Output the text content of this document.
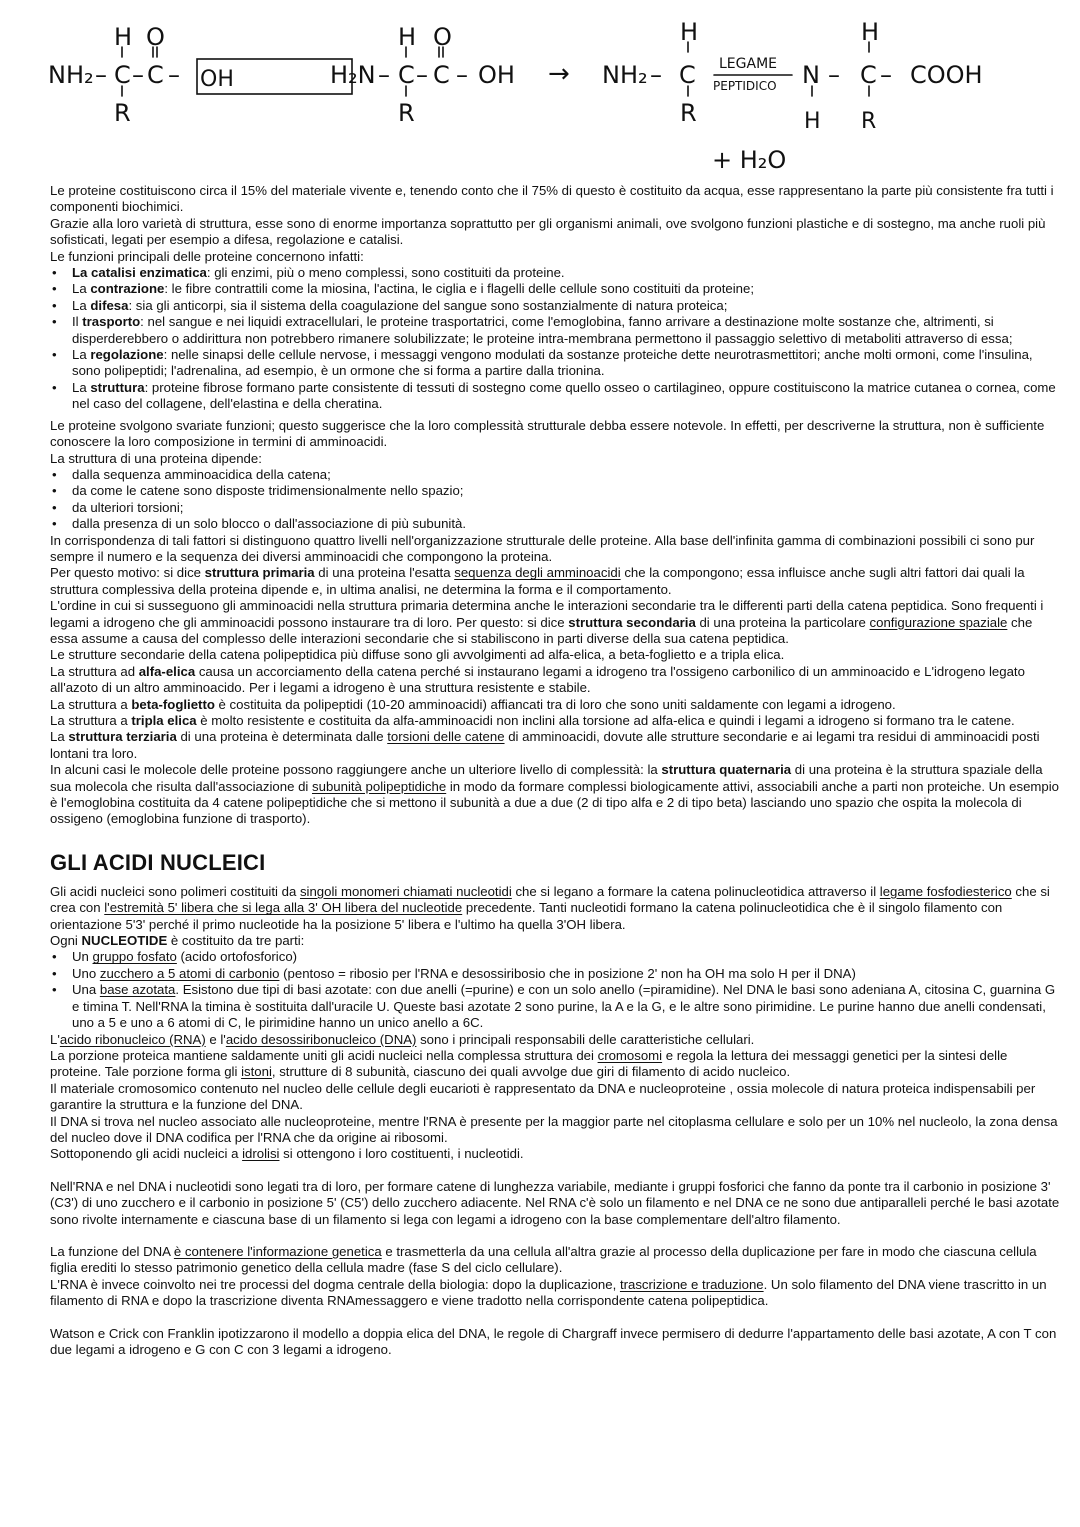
H O
NH₂ – C – C – OH
R
H O
H₂N – C – C – OH
R
→
H
NH₂ – C
R
LEGAME
PEPTIDICO N
H
–
H
C – COOH
R
+ H₂O

Le proteine costituiscono circa il 15% del materiale vivente e, tenendo conto che il 75% di questo è costituito da acqua, esse rappresentano la parte più consistente fra tutti i componenti biochimici.

Grazie alla loro varietà di struttura, esse sono di enorme importanza soprattutto per gli organismi animali, ove svolgono funzioni plastiche e di sostegno, ma anche ruoli più sofisticati, legati per esempio a difesa, regolazione e catalisi.

Le funzioni principali delle proteine concernono infatti:

• La catalisi enzimatica: gli enzimi, più o meno complessi, sono costituiti da proteine.
• La contrazione: le fibre contrattili come la miosina, l'actina, le ciglia e i flagelli delle cellule sono costituiti da proteine;
• La difesa: sia gli anticorpi, sia il sistema della coagulazione del sangue sono sostanzialmente di natura proteica;
• Il trasporto: nel sangue e nei liquidi extracellulari, le proteine trasportatrici, come l'emoglobina, fanno arrivare a destinazione molte sostanze che, altrimenti, si disperderebbero o addirittura non potrebbero rimanere solubilizzate; le proteine intra-membrana permettono il passaggio selettivo di metaboliti attraverso di essa;
• La regolazione: nelle sinapsi delle cellule nervose, i messaggi vengono modulati da sostanze proteiche dette neurotrasmettitori; anche molti ormoni, come l'insulina, sono polipeptidi; l'adrenalina, ad esempio, è un ormone che si forma a partire dalla trionina.
• La struttura: proteine fibrose formano parte consistente di tessuti di sostegno come quello osseo o cartilagineo, oppure costituiscono la matrice cutanea o cornea, come nel caso del collagene, dell'elastina e della cheratina.

Le proteine svolgono svariate funzioni; questo suggerisce che la loro complessità strutturale debba essere notevole. In effetti, per descriverne la struttura, non è sufficiente conoscere la loro composizione in termini di amminoacidi.

La struttura di una proteina dipende:

• dalla sequenza amminoacidica della catena;
• da come le catene sono disposte tridimensionalmente nello spazio;
• da ulteriori torsioni;
• dalla presenza di un solo blocco o dall'associazione di più subunità.

In corrispondenza di tali fattori si distinguono quattro livelli nell'organizzazione strutturale delle proteine. Alla base dell'infinita gamma di combinazioni possibili ci sono pur sempre il numero e la sequenza dei diversi amminoacidi che compongono la proteina.

Per questo motivo: si dice struttura primaria di una proteina l'esatta sequenza degli amminoacidi che la compongono; essa influisce anche sugli altri fattori dai quali la struttura complessiva della proteina dipende e, in ultima analisi, ne determina la forma e il comportamento.

L'ordine in cui si susseguono gli amminoacidi nella struttura primaria determina anche le interazioni secondarie tra le differenti parti della catena peptidica. Sono frequenti i legami a idrogeno che gli amminoacidi possono instaurare tra di loro. Per questo: si dice struttura secondaria di una proteina la particolare configurazione spaziale che essa assume a causa del complesso delle interazioni secondarie che si stabiliscono in parti diverse della sua catena peptidica.

Le strutture secondarie della catena polipeptidica più diffuse sono gli avvolgimenti ad alfa-elica, a beta-foglietto e a tripla elica.

La struttura ad alfa-elica causa un accorciamento della catena perché si instaurano legami a idrogeno tra l'ossigeno carbonilico di un amminoacido e L'idrogeno legato all'azoto di un altro amminoacido. Per i legami a idrogeno è una struttura resistente e stabile.

La struttura a beta-foglietto è costituita da polipeptidi (10-20 amminoacidi) affiancati tra di loro che sono uniti saldamente con legami a idrogeno.

La struttura a tripla elica è molto resistente e costituita da alfa-amminoacidi non inclini alla torsione ad alfa-elica e quindi i legami a idrogeno si formano tra le catene.

La struttura terziaria di una proteina è determinata dalle torsioni delle catene di amminoacidi, dovute alle strutture secondarie e ai legami tra residui di amminoacidi posti lontani tra loro.

In alcuni casi le molecole delle proteine possono raggiungere anche un ulteriore livello di complessità: la struttura quaternaria di una proteina è la struttura spaziale della sua molecola che risulta dall'associazione di subunità polipeptidiche in modo da formare complessi biologicamente attivi, associabili anche a parti non proteiche. Un esempio è l'emoglobina costituita da 4 catene polipeptidiche che si mettono il subunità a due a due (2 di tipo alfa e 2 di tipo beta) lasciando uno spazio che ospita la molecola di ossigeno (emoglobina funzione di trasporto).

GLI ACIDI NUCLEICI

Gli acidi nucleici sono polimeri costituiti da singoli monomeri chiamati nucleotidi che si legano a formare la catena polinucleotidica attraverso il legame fosfodiesterico che si crea con l'estremità 5' libera che si lega alla 3' OH libera del nucleotide precedente. Tanti nucleotidi formano la catena polinucleotidica che è il singolo filamento con orientazione 5'3' perché il primo nucleotide ha la posizione 5' libera e l'ultimo ha quella 3'OH libera.

Ogni NUCLEOTIDE è costituito da tre parti:

• Un gruppo fosfato (acido ortofosforico)
• Uno zucchero a 5 atomi di carbonio (pentoso = ribosio per l'RNA e desossiribosio che in posizione 2' non ha OH ma solo H per il DNA)
• Una base azotata. Esistono due tipi di basi azotate: con due anelli (=purine) e con un solo anello (=piramidine). Nel DNA le basi sono adeniana A, citosina C, guarnina G e timina T. Nell'RNA la timina è sostituita dall'uracile U. Queste basi azotate 2 sono purine, la A e la G, e le altre sono pirimidine. Le purine hanno due anelli condensati, uno a 5 e uno a 6 atomi di C, le pirimidine hanno un unico anello a 6C.

L'acido ribonucleico (RNA) e l'acido desossiribonucleico (DNA) sono i principali responsabili delle caratteristiche cellulari.

La porzione proteica mantiene saldamente uniti gli acidi nucleici nella complessa struttura dei cromosomi e regola la lettura dei messaggi genetici per la sintesi delle proteine. Tale porzione forma gli istoni, strutture di 8 subunità, ciascuno dei quali avvolge due giri di filamento di acido nucleico.

Il materiale cromosomico contenuto nel nucleo delle cellule degli eucarioti è rappresentato da DNA e nucleoproteine , ossia molecole di natura proteica indispensabili per garantire la struttura e la funzione del DNA.

Il DNA si trova nel nucleo associato alle nucleoproteine, mentre l'RNA è presente per la maggior parte nel citoplasma cellulare e solo per un 10% nel nucleolo, la zona densa del nucleo dove il DNA codifica per l'RNA che da origine ai ribosomi.

Sottoponendo gli acidi nucleici a idrolisi si ottengono i loro costituenti, i nucleotidi.

Nell'RNA e nel DNA i nucleotidi sono legati tra di loro, per formare catene di lunghezza variabile, mediante i gruppi fosforici che fanno da ponte tra il carbonio in posizione 3' (C3') di uno zucchero e il carbonio in posizione 5' (C5') dello zucchero adiacente. Nel RNA c'è solo un filamento e nel DNA ce ne sono due antiparalleli perché le basi azotate sono rivolte internamente e ciascuna base di un filamento si lega con legami a idrogeno con la base complementare dell'altro filamento.

La funzione del DNA è contenere l'informazione genetica e trasmetterla da una cellula all'altra grazie al processo della duplicazione per fare in modo che ciascuna cellula figlia erediti lo stesso patrimonio genetico della cellula madre (fase S del ciclo cellulare).

L'RNA è invece coinvolto nei tre processi del dogma centrale della biologia: dopo la duplicazione, trascrizione e traduzione. Un solo filamento del DNA viene trascritto in un filamento di RNA e dopo la trascrizione diventa RNAmessaggero e viene tradotto nella corrispondente catena polipeptidica.

Watson e Crick con Franklin ipotizzarono il modello a doppia elica del DNA, le regole di Chargraff invece permisero di dedurre l'appartamento delle basi azotate, A con T con due legami a idrogeno e G con C con 3 legami a idrogeno.
